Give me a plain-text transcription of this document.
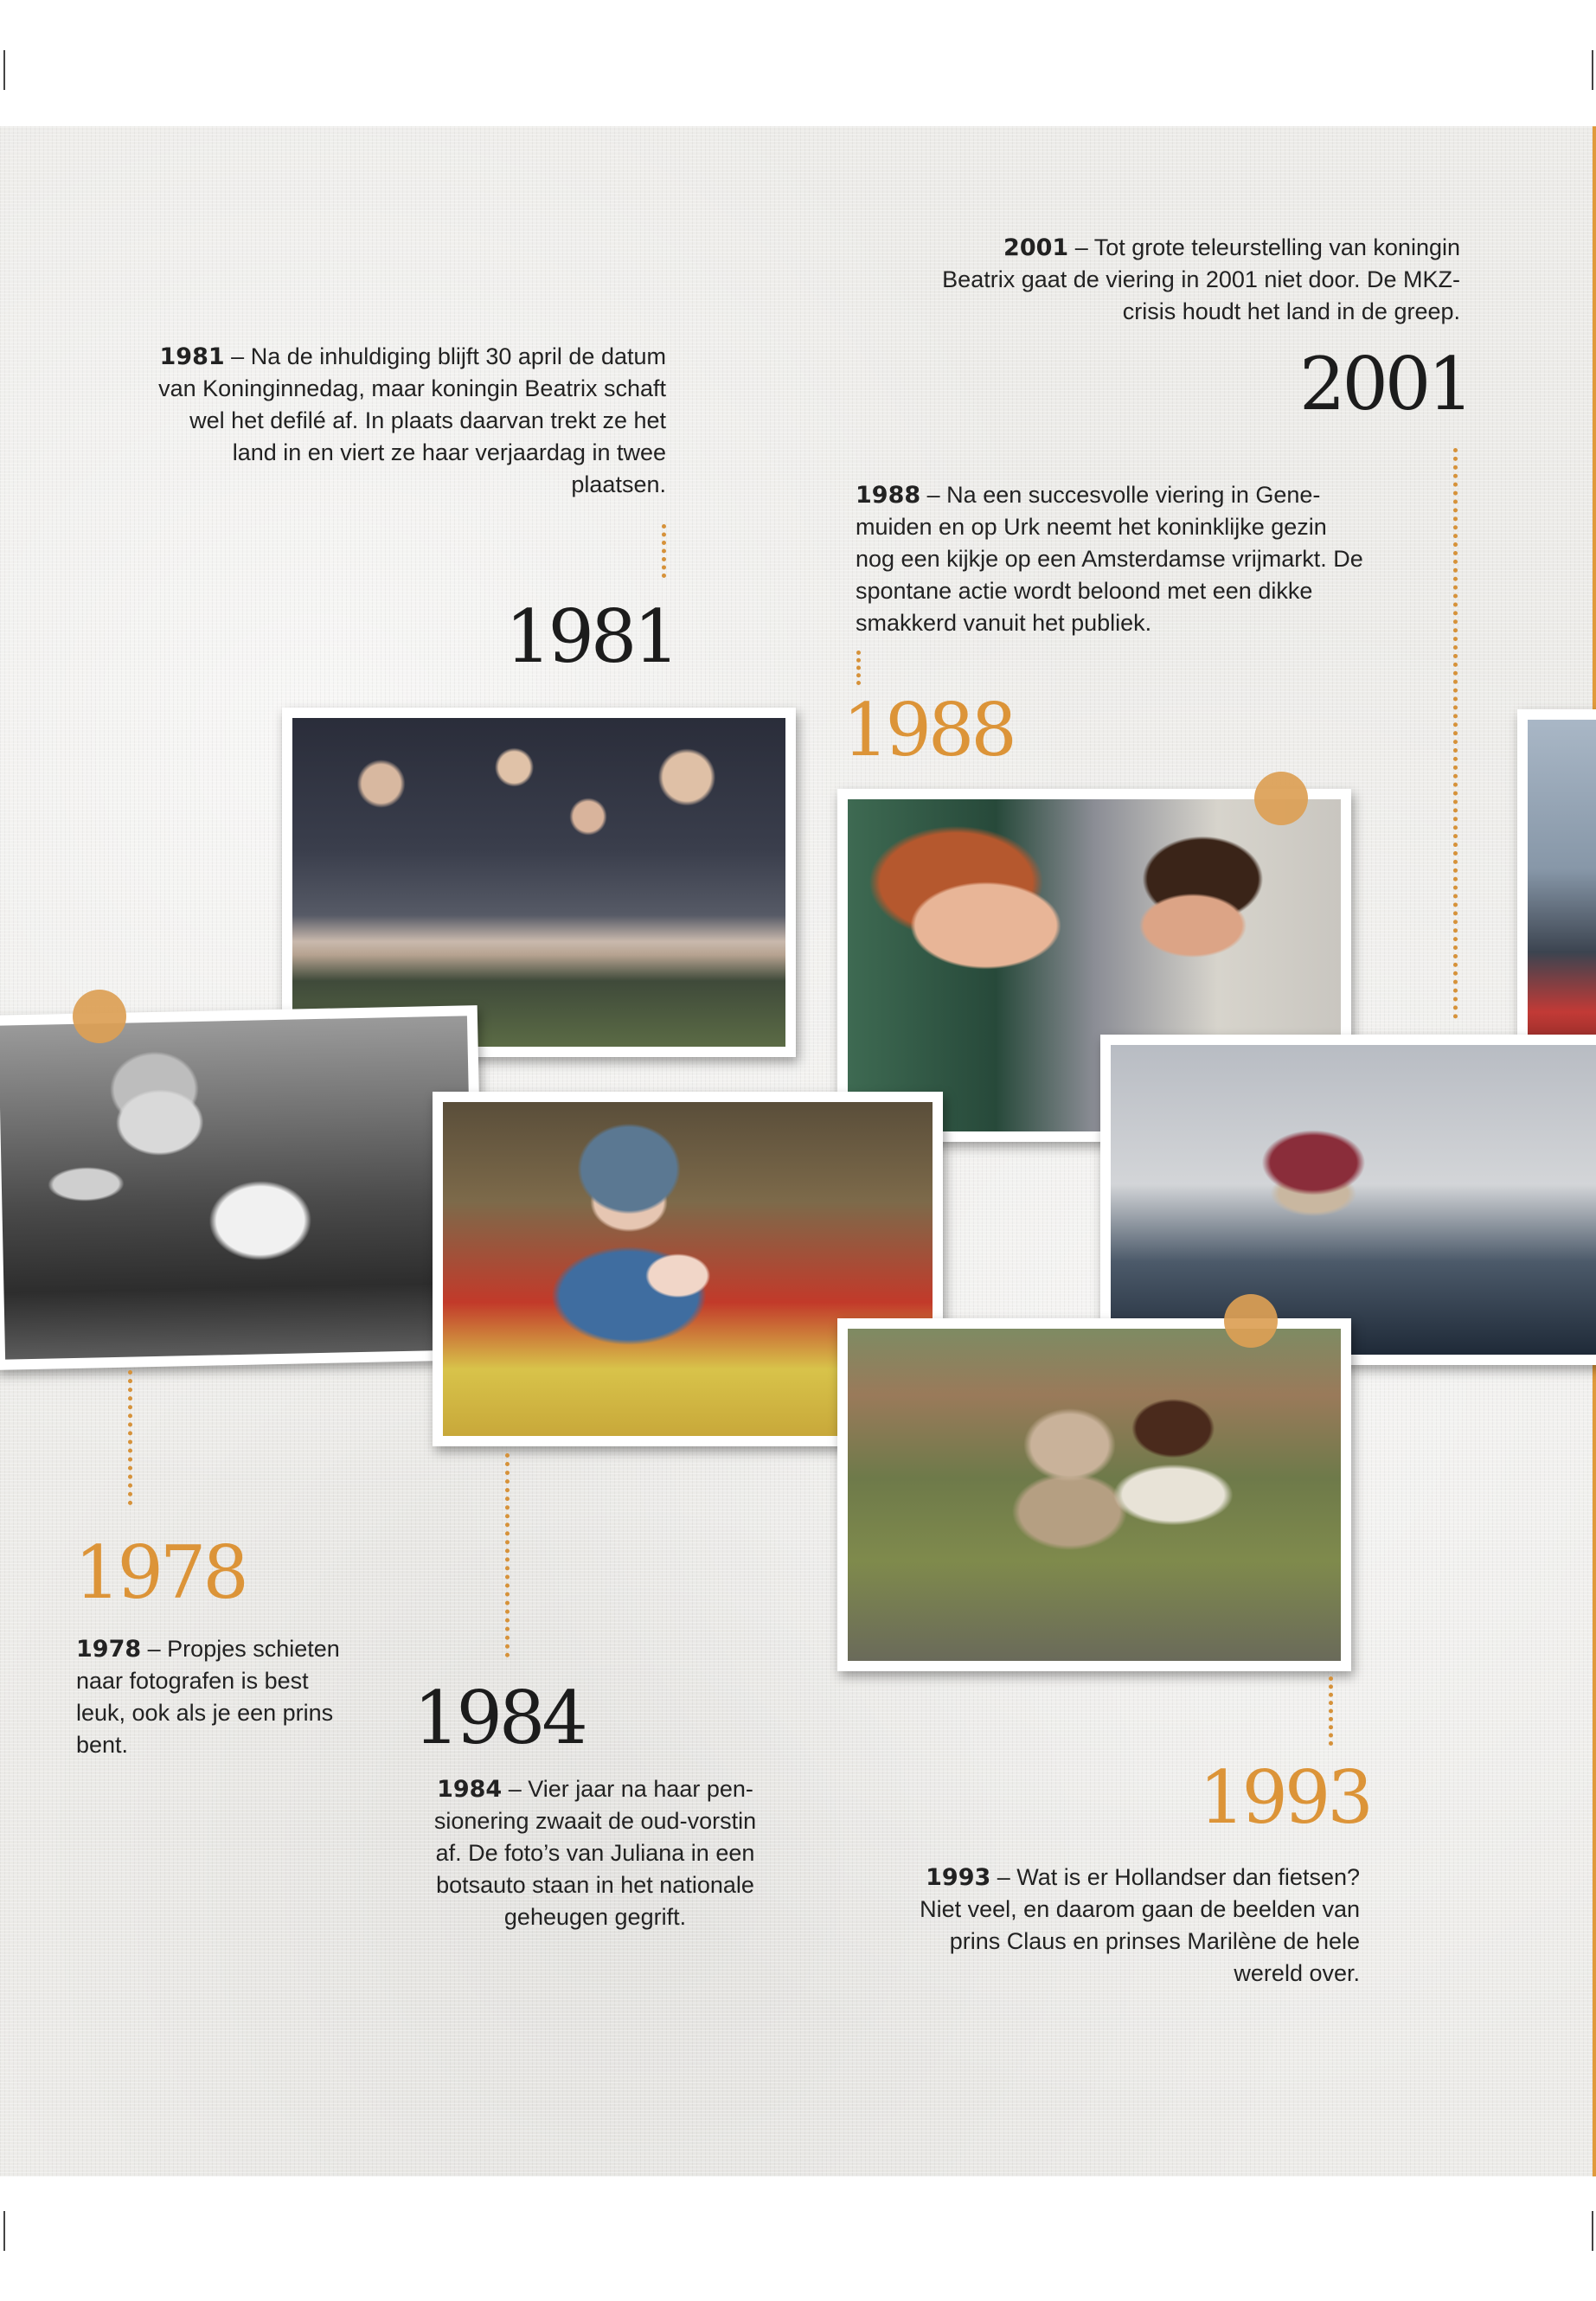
2001 – Tot grote teleurstelling van koningin Beatrix gaat de viering in 2001 niet door. De MKZ-crisis houdt het land in de greep.
2001
1981 – Na de inhuldiging blijft 30 april de datum van Koninginnedag, maar koningin Beatrix schaft wel het defilé af. In plaats daarvan trekt ze het land in en viert ze haar verjaardag in twee plaatsen.
1981
1988 – Na een succesvolle viering in Genemuiden en op Urk neemt het koninklijke gezin nog een kijkje op een Amsterdamse vrijmarkt. De spontane actie wordt beloond met een dikke smakkerd vanuit het publiek.
1988
1978
1978 – Propjes schieten naar fotografen is best leuk, ook als je een prins bent.	1984
1984 – Vier jaar na haar pensionering zwaait de oud-vorstin af. De foto’s van Juliana in een botsauto staan in het nationale geheugen gegrift.
1993
1993 – Wat is er Hollandser dan fietsen? Niet veel, en daarom gaan de beelden van prins Claus en prinses Marilène de hele wereld over.
